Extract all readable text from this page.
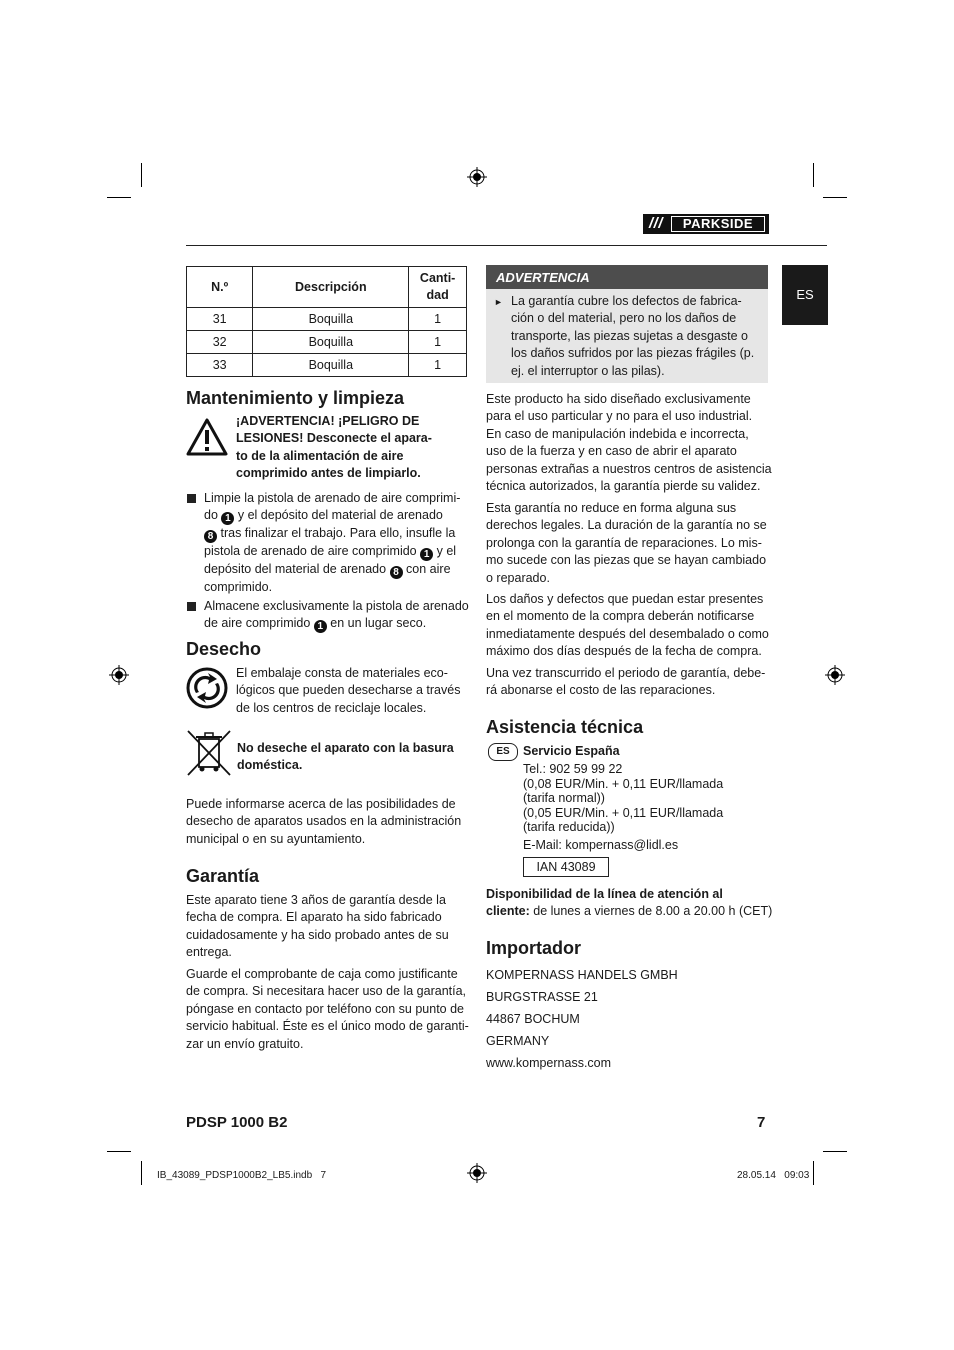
///	PARKSIDE
ES
N.º	Descripción	Canti-
dad
31	Boquilla	1
32	Boquilla	1
33	Boquilla	1
Mantenimiento y limpieza
¡ADVERTENCIA! ¡PELIGRO DE
LESIONES! Desconecte el apara-
to de la alimentación de aire
comprimido antes de limpiarlo.
Limpie la pistola de arenado de aire comprimi-
do 1 y el depósito del material de arenado
8 tras finalizar el trabajo. Para ello, insufle la
pistola de arenado de aire comprimido 1 y el
depósito del material de arenado 8 con aire
comprimido.
Almacene exclusivamente la pistola de arenado
de aire comprimido 1 en un lugar seco.
Desecho
El embalaje consta de materiales eco-
lógicos que pueden desecharse a través
de los centros de reciclaje locales.
No deseche el aparato con la basura
doméstica.
Puede informarse acerca de las posibilidades de
desecho de aparatos usados en la administración
municipal o en su ayuntamiento.
Garantía
Este aparato tiene 3 años de garantía desde la
fecha de compra. El aparato ha sido fabricado
cuidadosamente y ha sido probado antes de su
entrega.
Guarde el comprobante de caja como justificante
de compra. Si necesitara hacer uso de la garantía,
póngase en contacto por teléfono con su punto de
servicio habitual. Éste es el único modo de garanti-
zar un envío gratuito.
ADVERTENCIA
► La garantía cubre los defectos de fabrica-
ción o del material, pero no los daños de
transporte, las piezas sujetas a desgaste o
los daños sufridos por las piezas frágiles (p.
ej. el interruptor o las pilas).
Este producto ha sido diseñado exclusivamente
para el uso particular y no para el uso industrial.
En caso de manipulación indebida e incorrecta,
uso de la fuerza y en caso de abrir el aparato
personas extrañas a nuestros centros de asistencia
técnica autorizados, la garantía pierde su validez.
Esta garantía no reduce en forma alguna sus
derechos legales. La duración de la garantía no se
prolonga con la garantía de reparaciones. Lo mis-
mo sucede con las piezas que se hayan cambiado
o reparado.
Los daños y defectos que puedan estar presentes
en el momento de la compra deberán notificarse
inmediatamente después del desembalado o como
máximo dos días después de la fecha de compra.
Una vez transcurrido el periodo de garantía, debe-
rá abonarse el costo de las reparaciones.
Asistencia técnica
ES	Servicio España
Tel.: 902 59 99 22
(0,08 EUR/Min. + 0,11 EUR/llamada
(tarifa normal))
(0,05 EUR/Min. + 0,11 EUR/llamada
(tarifa reducida))
E-Mail: kompernass@lidl.es
IAN 43089
Disponibilidad de la línea de atención al
cliente: de lunes a viernes de 8.00 a 20.00 h (CET)
Importador
KOMPERNASS HANDELS GMBH
BURGSTRASSE 21
44867 BOCHUM
GERMANY
www.kompernass.com
PDSP 1000 B2	7
IB_43089_PDSP1000B2_LB5.indb   7	28.05.14   09:03
